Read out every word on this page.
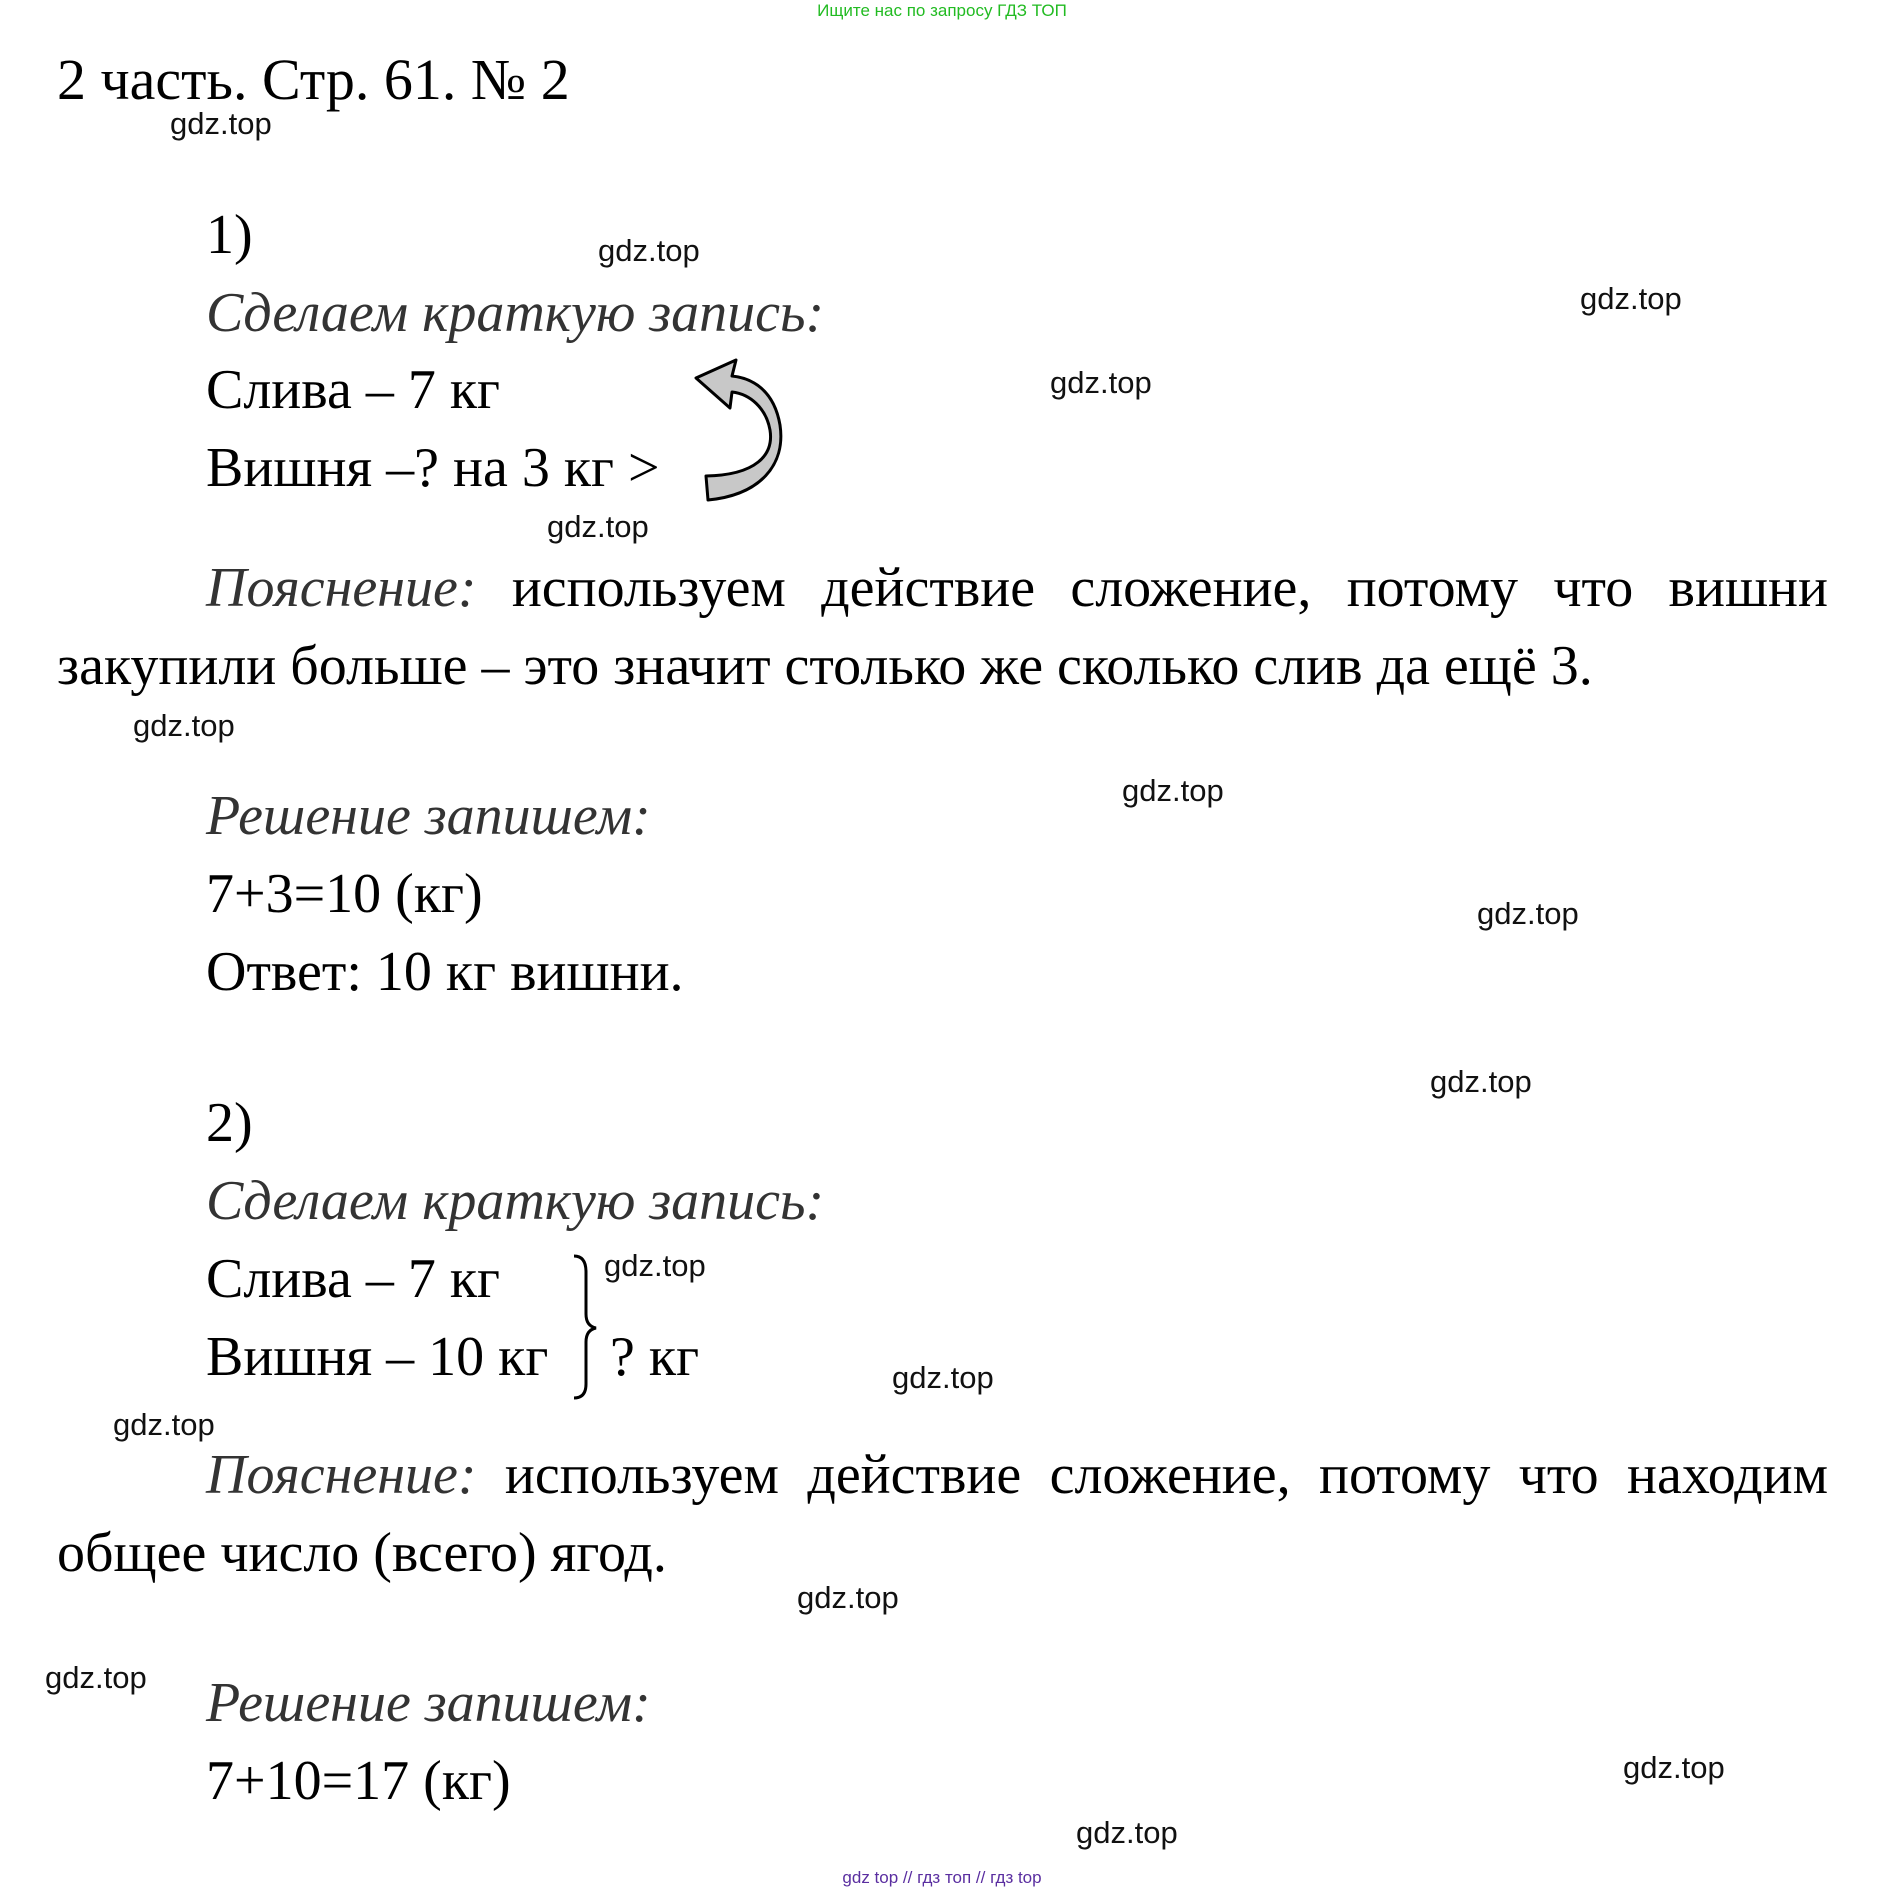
Ищите нас по запросу ГДЗ ТОП
2 часть. Стр. 61. № 2
1)
Сделаем краткую запись:
Слива – 7 кг
Вишня –? на 3 кг >
Пояснение: используем действие сложение, потому что вишни
закупили больше – это значит столько же сколько слив да ещё 3.
Решение запишем:
7+3=10 (кг)
Ответ: 10 кг вишни.
2)
Сделаем краткую запись:
Слива – 7 кг
Вишня – 10 кг ? кг
Пояснение: используем действие сложение, потому что находим
общее число (всего) ягод.
Решение запишем:
7+10=17 (кг)
gdz.top
gdz.top
gdz.top
gdz.top
gdz.top
gdz.top
gdz.top
gdz.top
gdz.top
gdz.top
gdz.top
gdz.top
gdz.top
gdz.top
gdz.top
gdz.top
gdz top // гдз топ // гдз top
